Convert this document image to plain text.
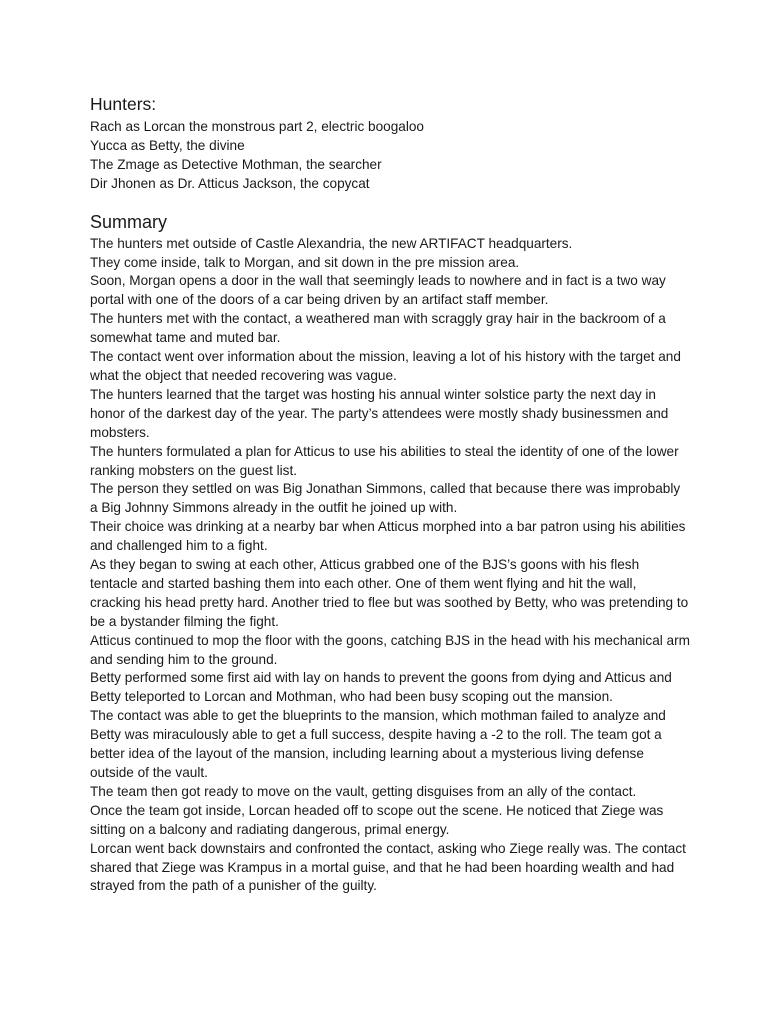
Hunters:
Rach as Lorcan the monstrous part 2, electric boogaloo
Yucca as Betty, the divine
The Zmage as Detective Mothman, the searcher
Dir Jhonen as Dr. Atticus Jackson, the copycat
Summary
The hunters met outside of Castle Alexandria, the new ARTIFACT headquarters.
They come inside, talk to Morgan, and sit down in the pre mission area.
Soon, Morgan opens a door in the wall that seemingly leads to nowhere and in fact is a two way portal with one of the doors of a car being driven by an artifact staff member.
The hunters met with the contact, a weathered man with scraggly gray hair in the backroom of a somewhat tame and muted bar.
The contact went over information about the mission, leaving a lot of his history with the target and what the object that needed recovering was vague.
The hunters learned that the target was hosting his annual winter solstice party the next day in honor of the darkest day of the year. The party’s attendees were mostly shady businessmen and mobsters.
The hunters formulated a plan for Atticus to use his abilities to steal the identity of one of the lower ranking mobsters on the guest list.
The person they settled on was Big Jonathan Simmons, called that because there was improbably a Big Johnny Simmons already in the outfit he joined up with.
Their choice was drinking at a nearby bar when Atticus morphed into a bar patron using his abilities and challenged him to a fight.
As they began to swing at each other, Atticus grabbed one of the BJS’s goons with his flesh tentacle and started bashing them into each other. One of them went flying and hit the wall, cracking his head pretty hard. Another tried to flee but was soothed by Betty, who was pretending to be a bystander filming the fight.
Atticus continued to mop the floor with the goons, catching BJS in the head with his mechanical arm and sending him to the ground.
Betty performed some first aid with lay on hands to prevent the goons from dying and Atticus and Betty teleported to Lorcan and Mothman, who had been busy scoping out the mansion.
The contact was able to get the blueprints to the mansion, which mothman failed to analyze and Betty was miraculously able to get a full success, despite having a -2 to the roll. The team got a better idea of the layout of the mansion, including learning about a mysterious living defense outside of the vault.
The team then got ready to move on the vault, getting disguises from an ally of the contact.
Once the team got inside, Lorcan headed off to scope out the scene. He noticed that Ziege was sitting on a balcony and radiating dangerous, primal energy.
Lorcan went back downstairs and confronted the contact, asking who Ziege really was. The contact shared that Ziege was Krampus in a mortal guise, and that he had been hoarding wealth and had strayed from the path of a punisher of the guilty.
